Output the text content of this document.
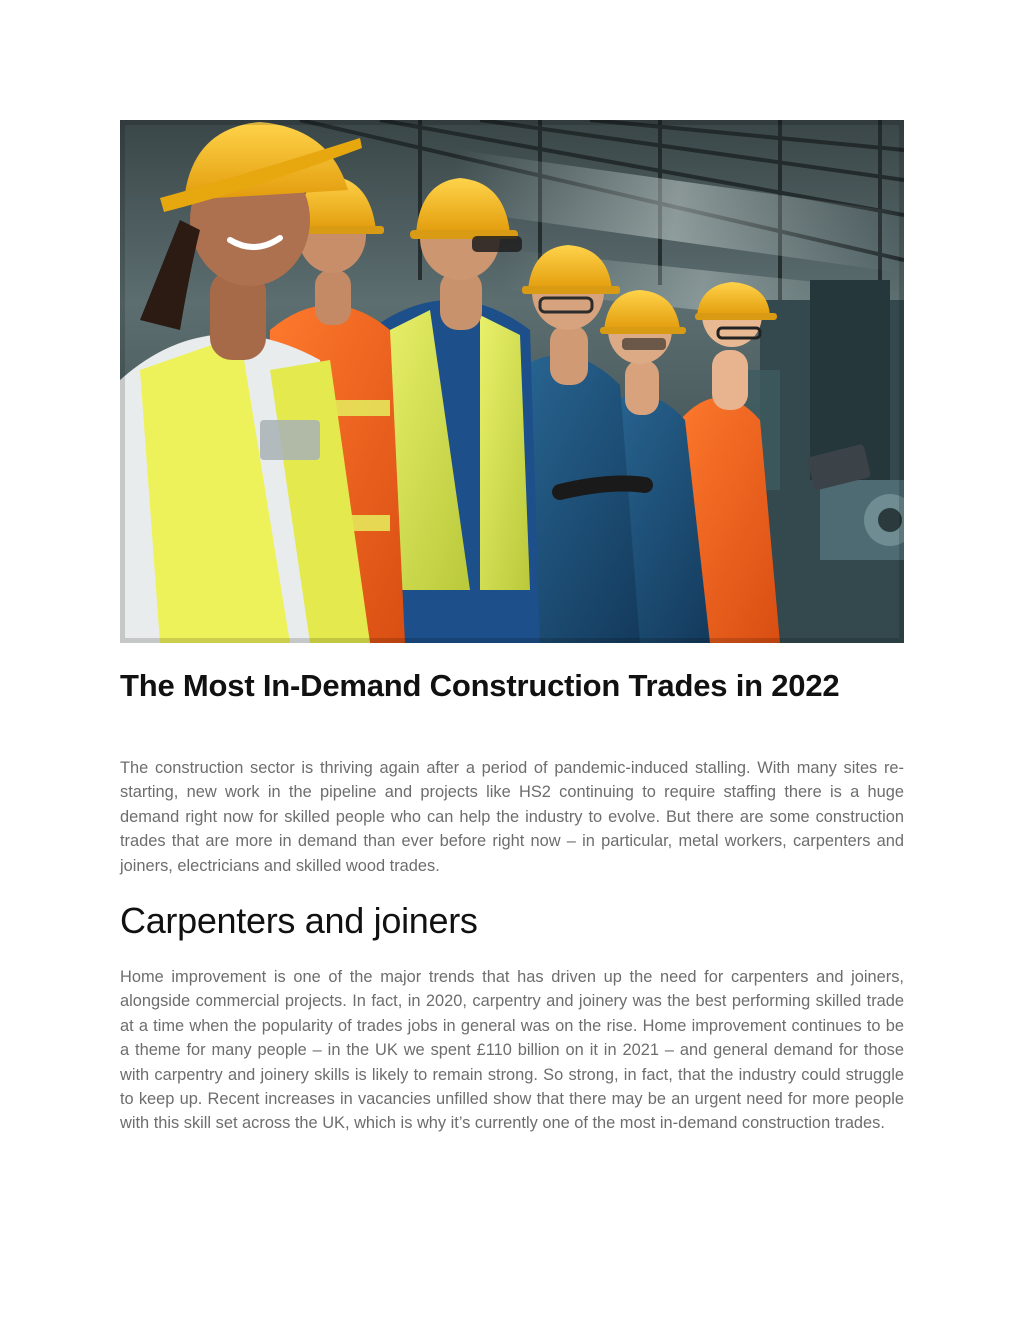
The Most In-Demand Construction Trades in 2022

The construction sector is thriving again after a period of pandemic-induced stalling. With many sites re-starting, new work in the pipeline and projects like HS2 continuing to require staffing there is a huge demand right now for skilled people who can help the industry to evolve. But there are some construction trades that are more in demand than ever before right now – in particular, metal workers, carpenters and joiners, electricians and skilled wood trades.

Carpenters and joiners

Home improvement is one of the major trends that has driven up the need for carpenters and joiners, alongside commercial projects. In fact, in 2020, carpentry and joinery was the best performing skilled trade at a time when the popularity of trades jobs in general was on the rise. Home improvement continues to be a theme for many people – in the UK we spent £110 billion on it in 2021 – and general demand for those with carpentry and joinery skills is likely to remain strong. So strong, in fact, that the industry could struggle to keep up. Recent increases in vacancies unfilled show that there may be an urgent need for more people with this skill set across the UK, which is why it’s currently one of the most in-demand construction trades.
